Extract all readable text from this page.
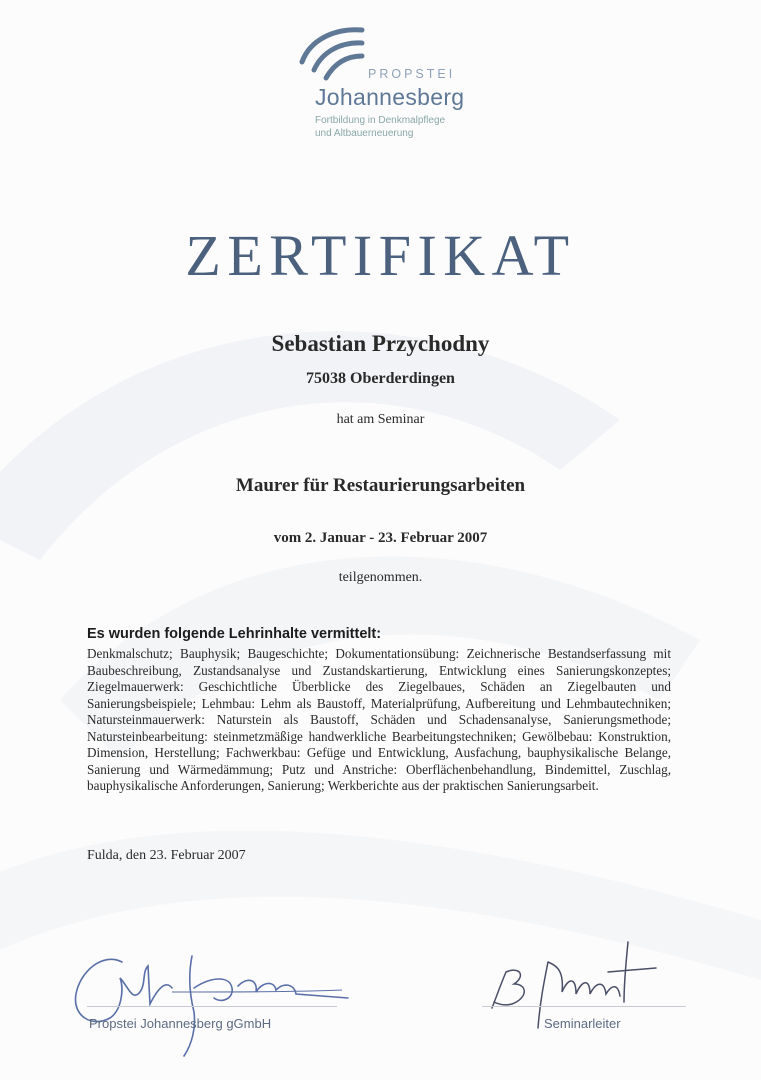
PROPSTEI
Johannesberg
Fortbildung in Denkmalpflege
und Altbauerneuerung
ZERTIFIKAT
Sebastian Przychodny
75038 Oberderdingen
hat am Seminar
Maurer für Restaurierungsarbeiten
vom 2. Januar - 23. Februar 2007
teilgenommen.
Es wurden folgende Lehrinhalte vermittelt:
Denkmalschutz; Bauphysik; Baugeschichte; Dokumentationsübung: Zeichnerische Bestandserfassung mit Baubeschreibung, Zustandsanalyse und Zustandskartierung, Entwicklung eines Sanierungskonzeptes; Ziegelmauerwerk: Geschichtliche Überblicke des Ziegelbaues, Schäden an Ziegelbauten und Sanierungsbeispiele; Lehmbau: Lehm als Baustoff, Materialprüfung, Aufbereitung und Lehmbautechniken; Natursteinmauerwerk: Naturstein als Baustoff, Schäden und Schadensanalyse, Sanierungsmethode; Natursteinbearbeitung: steinmetzmäßige handwerkliche Bearbeitungstechniken; Gewölbebau: Konstruktion, Dimension, Herstellung; Fachwerkbau: Gefüge und Entwicklung, Ausfachung, bauphysikalische Belange, Sanierung und Wärmedämmung; Putz und Anstriche: Oberflächenbehandlung, Bindemittel, Zuschlag, bauphysikalische Anforderungen, Sanierung; Werkberichte aus der praktischen Sanierungsarbeit.
Fulda, den 23. Februar 2007
Propstei Johannesberg gGmbH	Seminarleiter
